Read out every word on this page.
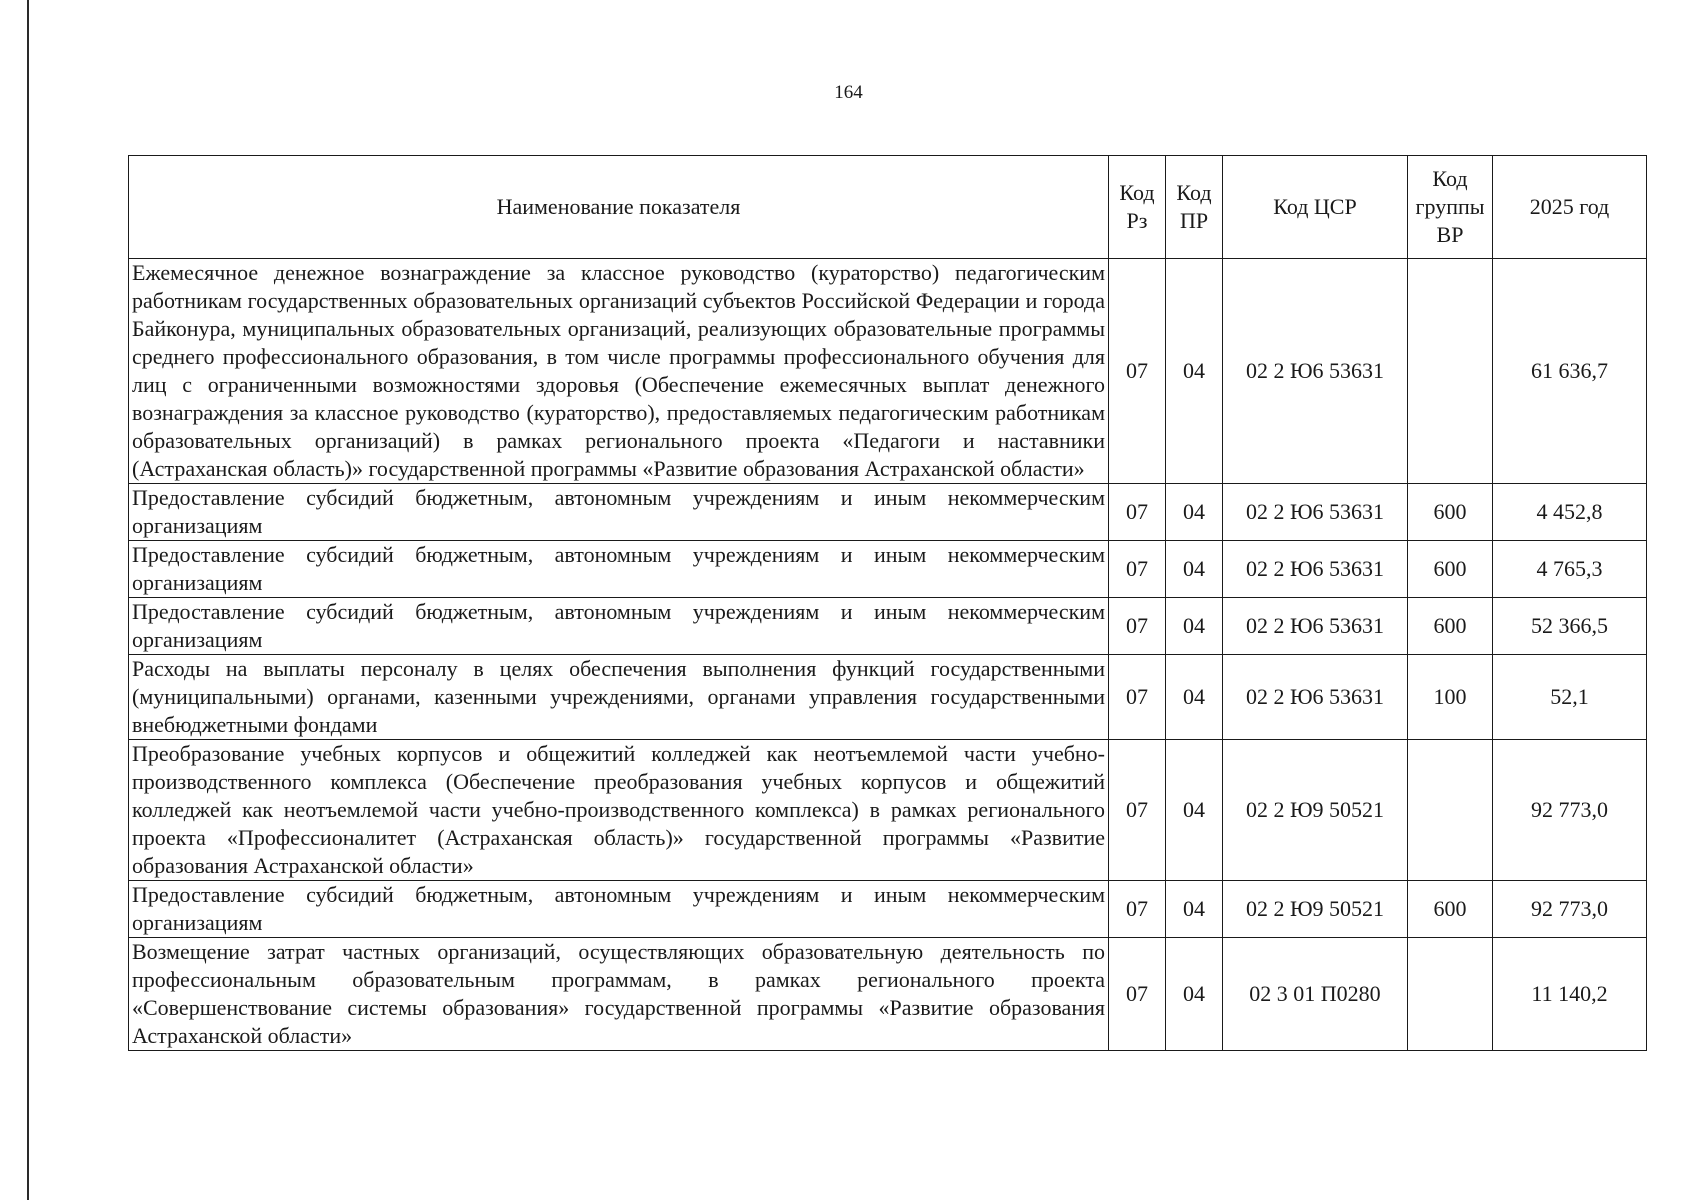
164
Наименование показателя	Код Рз	Код ПР	Код ЦСР	Код группы ВР	2025 год
Ежемесячное денежное вознаграждение за классное руководство (кураторство) педагогическим работникам государственных образовательных организаций субъектов Российской Федерации и города Байконура, муниципальных образовательных организаций, реализующих образовательные программы среднего профессионального образования, в том числе программы профессионального обучения для лиц с ограниченными возможностями здоровья (Обеспечение ежемесячных выплат денежного вознаграждения за классное руководство (кураторство), предоставляемых педагогическим работникам образовательных организаций) в рамках регионального проекта «Педагоги и наставники (Астраханская область)» государственной программы «Развитие образования Астраханской области»	07	04	02 2 Ю6 53631		61 636,7
Предоставление субсидий бюджетным, автономным учреждениям и иным некоммерческим организациям	07	04	02 2 Ю6 53631	600	4 452,8
Предоставление субсидий бюджетным, автономным учреждениям и иным некоммерческим организациям	07	04	02 2 Ю6 53631	600	4 765,3
Предоставление субсидий бюджетным, автономным учреждениям и иным некоммерческим организациям	07	04	02 2 Ю6 53631	600	52 366,5
Расходы на выплаты персоналу в целях обеспечения выполнения функций государственными (муниципальными) органами, казенными учреждениями, органами управления государственными внебюджетными фондами	07	04	02 2 Ю6 53631	100	52,1
Преобразование учебных корпусов и общежитий колледжей как неотъемлемой части учебно-производственного комплекса (Обеспечение преобразования учебных корпусов и общежитий колледжей как неотъемлемой части учебно-производственного комплекса) в рамках регионального проекта «Профессионалитет (Астраханская область)» государственной программы «Развитие образования Астраханской области»	07	04	02 2 Ю9 50521		92 773,0
Предоставление субсидий бюджетным, автономным учреждениям и иным некоммерческим организациям	07	04	02 2 Ю9 50521	600	92 773,0
Возмещение затрат частных организаций, осуществляющих образовательную деятельность по профессиональным образовательным программам, в рамках регионального проекта «Совершенствование системы образования» государственной программы «Развитие образования Астраханской области»	07	04	02 3 01 П0280		11 140,2
